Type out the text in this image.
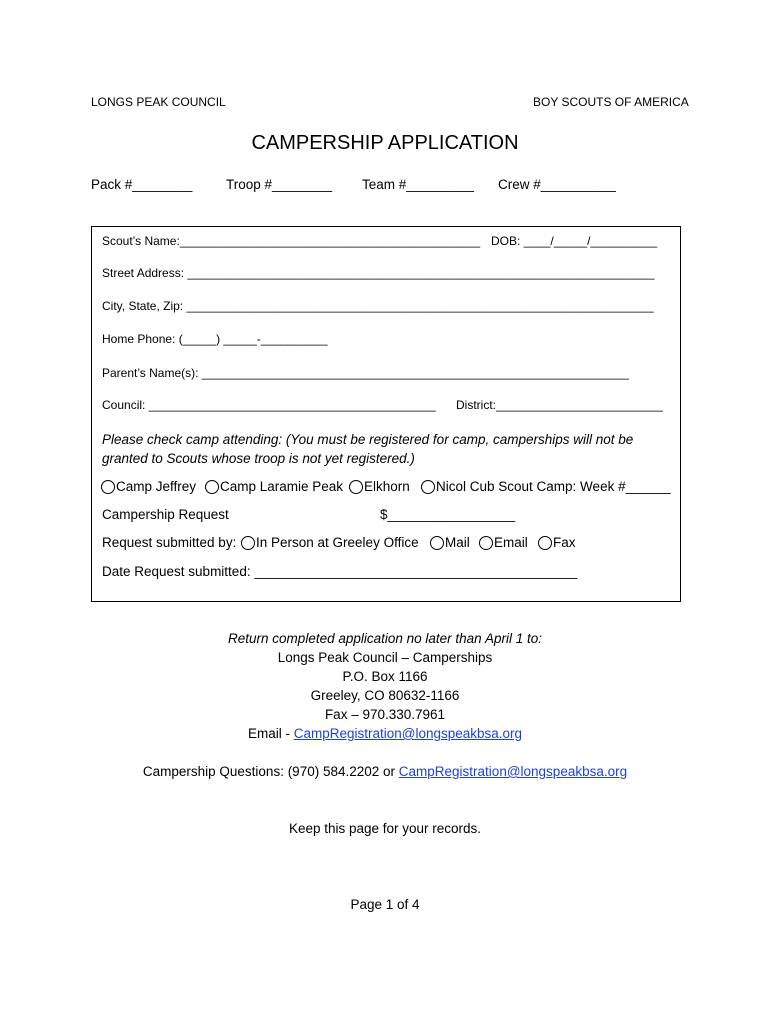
LONGS PEAK COUNCIL	BOY SCOUTS OF AMERICA
CAMPERSHIP APPLICATION
Pack #________ Troop #________ Team #_________ Crew #__________
Scout’s Name:_____________________________________________ DOB: ____/_____/__________
Street Address: ______________________________________________________________________
City, State, Zip: ______________________________________________________________________
Home Phone: (_____) _____-__________
Parent’s Name(s): ________________________________________________________________
Council: ___________________________________________ District:_________________________
Please check camp attending: (You must be registered for camp, camperships will not be granted to Scouts whose troop is not yet registered.)
Camp Jeffrey	Camp Laramie Peak	Elkhorn	Nicol Cub Scout Camp: Week #______
Campership Request	$_________________
Request submitted by:	In Person at Greeley Office	Mail	Email	Fax
Date Request submitted: ___________________________________________
Return completed application no later than April 1 to:
Longs Peak Council – Camperships
P.O. Box 1166
Greeley, CO 80632-1166
Fax – 970.330.7961
Email - CampRegistration@longspeakbsa.org
Campership Questions: (970) 584.2202 or CampRegistration@longspeakbsa.org
Keep this page for your records.
Page 1 of 4
